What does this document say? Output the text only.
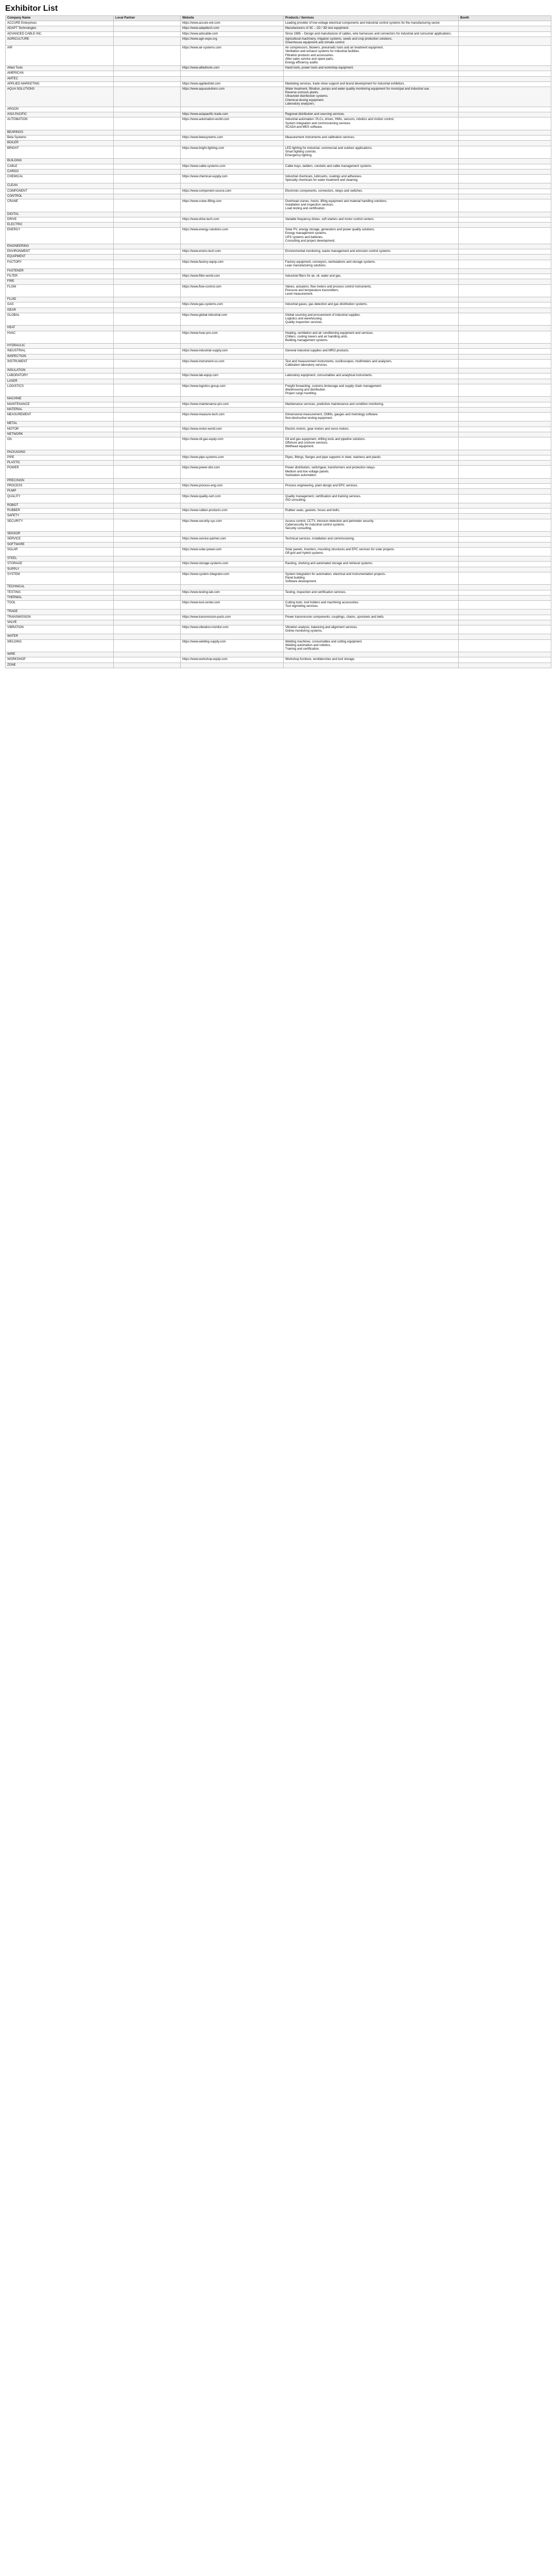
Exhibitor List
Company Name	Local Partner	Website	Products / Services	Booth
ACCURE Enterprises		https://www.accure-ent.com	Leading provider of low-voltage electrical components and industrial control systems for the manufacturing sector.	
ADAPT Technologies		https://www.adapttech.com	Manufacturers of 3C – 2D / 3D test equipment.	
ADVANCED CABLE INC.		https://www.advcable.com	Since 1985 – Design and manufacture of cables, wire harnesses and connectors for industrial and consumer applications.	
AGRICULTURE		https://www.agri-expo.org	Agricultural machinery, irrigation systems, seeds and crop protection solutions.
Greenhouse equipment and climate control.	
AIR		https://www.air-systems.com	Air compressors, blowers, pneumatic tools and air treatment equipment.
Ventilation and exhaust systems for industrial facilities.
Filtration products and accessories.
After-sales service and spare parts.
Energy efficiency audits.	
Allied Tools		https://www.alliedtools.com	Hand tools, power tools and workshop equipment.	
AMERICAN				
AMTEC				
APPLIED MARKETING		https://www.appliedmkt.com	Marketing services, trade show support and brand development for industrial exhibitors.	
AQUA SOLUTIONS		https://www.aquasolutions.com	Water treatment, filtration, pumps and water quality monitoring equipment for municipal and industrial use.
Reverse osmosis plants.
Ultraviolet disinfection systems.
Chemical dosing equipment.
Laboratory analyzers.	
ARGON				
ASIA PACIFIC		https://www.asiapacific-trade.com	Regional distribution and sourcing services.	
AUTOMATION		https://www.automation-world.com	Industrial automation: PLCs, drives, HMIs, sensors, robotics and motion control.
System integration and commissioning services.
SCADA and MES software.	
BEARINGS				
Beta Systems		https://www.betasystems.com	Measurement instruments and calibration services.	
BOILER				
BRIGHT		https://www.bright-lighting.com	LED lighting for industrial, commercial and outdoor applications.
Smart lighting controls.
Emergency lighting.	
BUILDING				
CABLE		https://www.cable-systems.com	Cable trays, ladders, conduits and cable management systems.	
CARGO				
CHEMICAL		https://www.chemical-supply.com	Industrial chemicals, lubricants, coatings and adhesives.
Specialty chemicals for water treatment and cleaning.	
CLEAN				
COMPONENT		https://www.component-source.com	Electronic components, connectors, relays and switches.	
CONTROL				
CRANE		https://www.crane-lifting.com	Overhead cranes, hoists, lifting equipment and material handling solutions.
Installation and inspection services.
Load testing and certification.	
DIGITAL				
DRIVE		https://www.drive-tech.com	Variable frequency drives, soft starters and motor control centers.	
ELECTRIC				
ENERGY		https://www.energy-solutions.com	Solar PV, energy storage, generators and power quality solutions.
Energy management systems.
UPS systems and batteries.
Consulting and project development.	
ENGINEERING				
ENVIRONMENT		https://www.enviro-tech.com	Environmental monitoring, waste management and emission control systems.	
EQUIPMENT				
FACTORY		https://www.factory-equip.com	Factory equipment, conveyors, workstations and storage systems.
Lean manufacturing solutions.	
FASTENER				
FILTER		https://www.filter-world.com	Industrial filters for air, oil, water and gas.	
FIRE				
FLOW		https://www.flow-control.com	Valves, actuators, flow meters and process control instruments.
Pressure and temperature transmitters.
Level measurement.	
FLUID				
GAS		https://www.gas-systems.com	Industrial gases, gas detection and gas distribution systems.	
GEAR				
GLOBAL		https://www.global-industrial.com	Global sourcing and procurement of industrial supplies.
Logistics and warehousing.
Quality inspection services.	
HEAT				
HVAC		https://www.hvac-pro.com	Heating, ventilation and air conditioning equipment and services.
Chillers, cooling towers and air handling units.
Building management systems.	
HYDRAULIC				
INDUSTRIAL		https://www.industrial-supply.com	General industrial supplies and MRO products.	
INSPECTION				
INSTRUMENT		https://www.instrument-co.com	Test and measurement instruments, oscilloscopes, multimeters and analyzers.
Calibration laboratory services.	
INSULATION				
LABORATORY		https://www.lab-equip.com	Laboratory equipment, consumables and analytical instruments.	
LASER				
LOGISTICS		https://www.logistics-group.com	Freight forwarding, customs brokerage and supply chain management.
Warehousing and distribution.
Project cargo handling.	
MACHINE				
MAINTENANCE		https://www.maintenance-pro.com	Maintenance services, predictive maintenance and condition monitoring.	
MATERIAL				
MEASUREMENT		https://www.measure-tech.com	Dimensional measurement, CMMs, gauges and metrology software.
Non-destructive testing equipment.	
METAL				
MOTOR		https://www.motor-world.com	Electric motors, gear motors and servo motors.	
NETWORK				
OIL		https://www.oil-gas-equip.com	Oil and gas equipment, drilling tools and pipeline solutions.
Offshore and onshore services.
Wellhead equipment.	
PACKAGING				
PIPE		https://www.pipe-systems.com	Pipes, fittings, flanges and pipe supports in steel, stainless and plastic.	
PLASTIC				
POWER		https://www.power-dist.com	Power distribution, switchgear, transformers and protection relays.
Medium and low voltage panels.
Substation automation.	
PRECISION				
PROCESS		https://www.process-eng.com	Process engineering, plant design and EPC services.	
PUMP				
QUALITY		https://www.quality-cert.com	Quality management, certification and training services.
ISO consulting.	
ROBOT				
RUBBER		https://www.rubber-products.com	Rubber seals, gaskets, hoses and belts.	
SAFETY				
SECURITY		https://www.security-sys.com	Access control, CCTV, intrusion detection and perimeter security.
Cybersecurity for industrial control systems.
Security consulting.	
SENSOR				
SERVICE		https://www.service-partner.com	Technical services, installation and commissioning.	
SOFTWARE				
SOLAR		https://www.solar-power.com	Solar panels, inverters, mounting structures and EPC services for solar projects.
Off-grid and hybrid systems.	
STEEL				
STORAGE		https://www.storage-systems.com	Racking, shelving and automated storage and retrieval systems.	
SUPPLY				
SYSTEM		https://www.system-integrator.com	System integration for automation, electrical and instrumentation projects.
Panel building.
Software development.	
TECHNICAL				
TESTING		https://www.testing-lab.com	Testing, inspection and certification services.	
THERMAL				
TOOL		https://www.tool-center.com	Cutting tools, tool holders and machining accessories.
Tool regrinding services.	
TRADE				
TRANSMISSION		https://www.transmission-parts.com	Power transmission components: couplings, chains, sprockets and belts.	
VALVE				
VIBRATION		https://www.vibration-monitor.com	Vibration analysis, balancing and alignment services.
Online monitoring systems.	
WATER				
WELDING		https://www.welding-supply.com	Welding machines, consumables and cutting equipment.
Welding automation and robotics.
Training and certification.	
WIRE				
WORKSHOP		https://www.workshop-equip.com	Workshop furniture, workbenches and tool storage.	
ZONE				
